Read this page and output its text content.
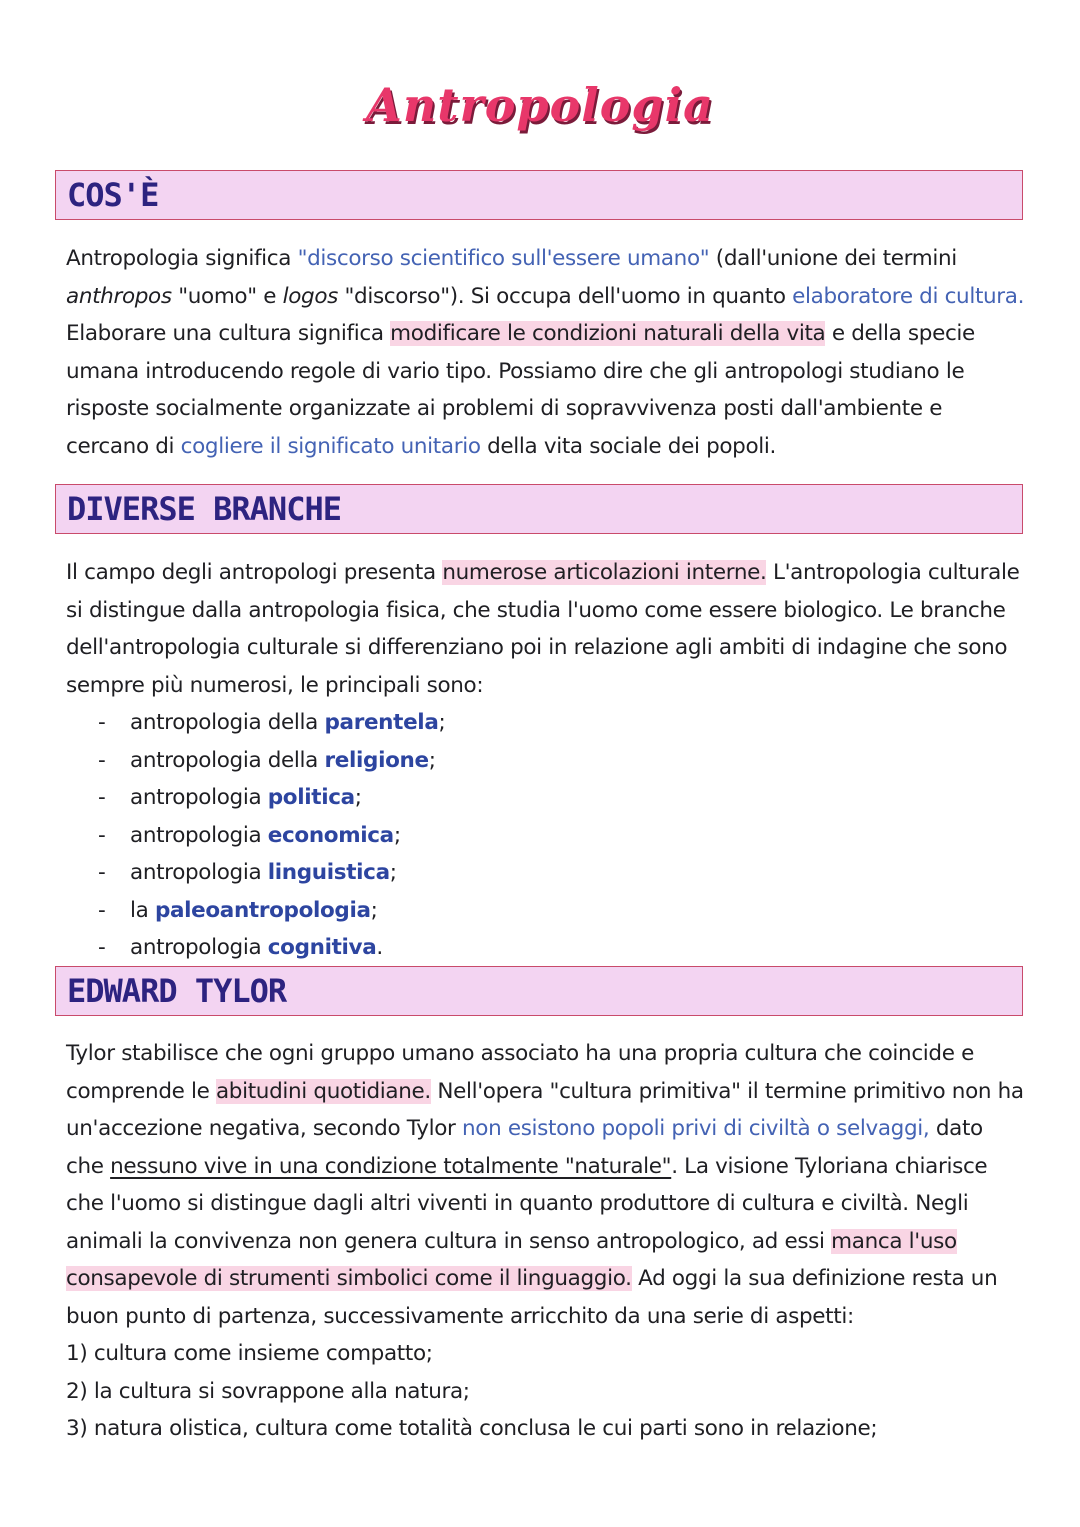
Antropologia
COS'È

Antropologia significa "discorso scientifico sull'essere umano" (dall'unione dei termini anthropos "uomo" e logos "discorso"). Si occupa dell'uomo in quanto elaboratore di cultura. Elaborare una cultura significa modificare le condizioni naturali della vita e della specie umana introducendo regole di vario tipo. Possiamo dire che gli antropologi studiano le risposte socialmente organizzate ai problemi di sopravvivenza posti dall'ambiente e cercano di cogliere il significato unitario della vita sociale dei popoli.

DIVERSE BRANCHE
Il campo degli antropologi presenta numerose articolazioni interne. L'antropologia culturale si distingue dalla antropologia fisica, che studia l'uomo come essere biologico. Le branche dell'antropologia culturale si differenziano poi in relazione agli ambiti di indagine che sono sempre più numerosi, le principali sono:
- antropologia della parentela;
- antropologia della religione;
- antropologia politica;
- antropologia economica;
- antropologia linguistica;
- la paleoantropologia;
- antropologia cognitiva.
EDWARD TYLOR
Tylor stabilisce che ogni gruppo umano associato ha una propria cultura che coincide e comprende le abitudini quotidiane. Nell'opera "cultura primitiva" il termine primitivo non ha un'accezione negativa, secondo Tylor non esistono popoli privi di civiltà o selvaggi, dato che nessuno vive in una condizione totalmente "naturale". La visione Tyloriana chiarisce che l'uomo si distingue dagli altri viventi in quanto produttore di cultura e civiltà. Negli animali la convivenza non genera cultura in senso antropologico, ad essi manca l'uso consapevole di strumenti simbolici come il linguaggio. Ad oggi la sua definizione resta un buon punto di partenza, successivamente arricchito da una serie di aspetti:
1) cultura come insieme compatto;
2) la cultura si sovrappone alla natura;
3) natura olistica, cultura come totalità conclusa le cui parti sono in relazione;
